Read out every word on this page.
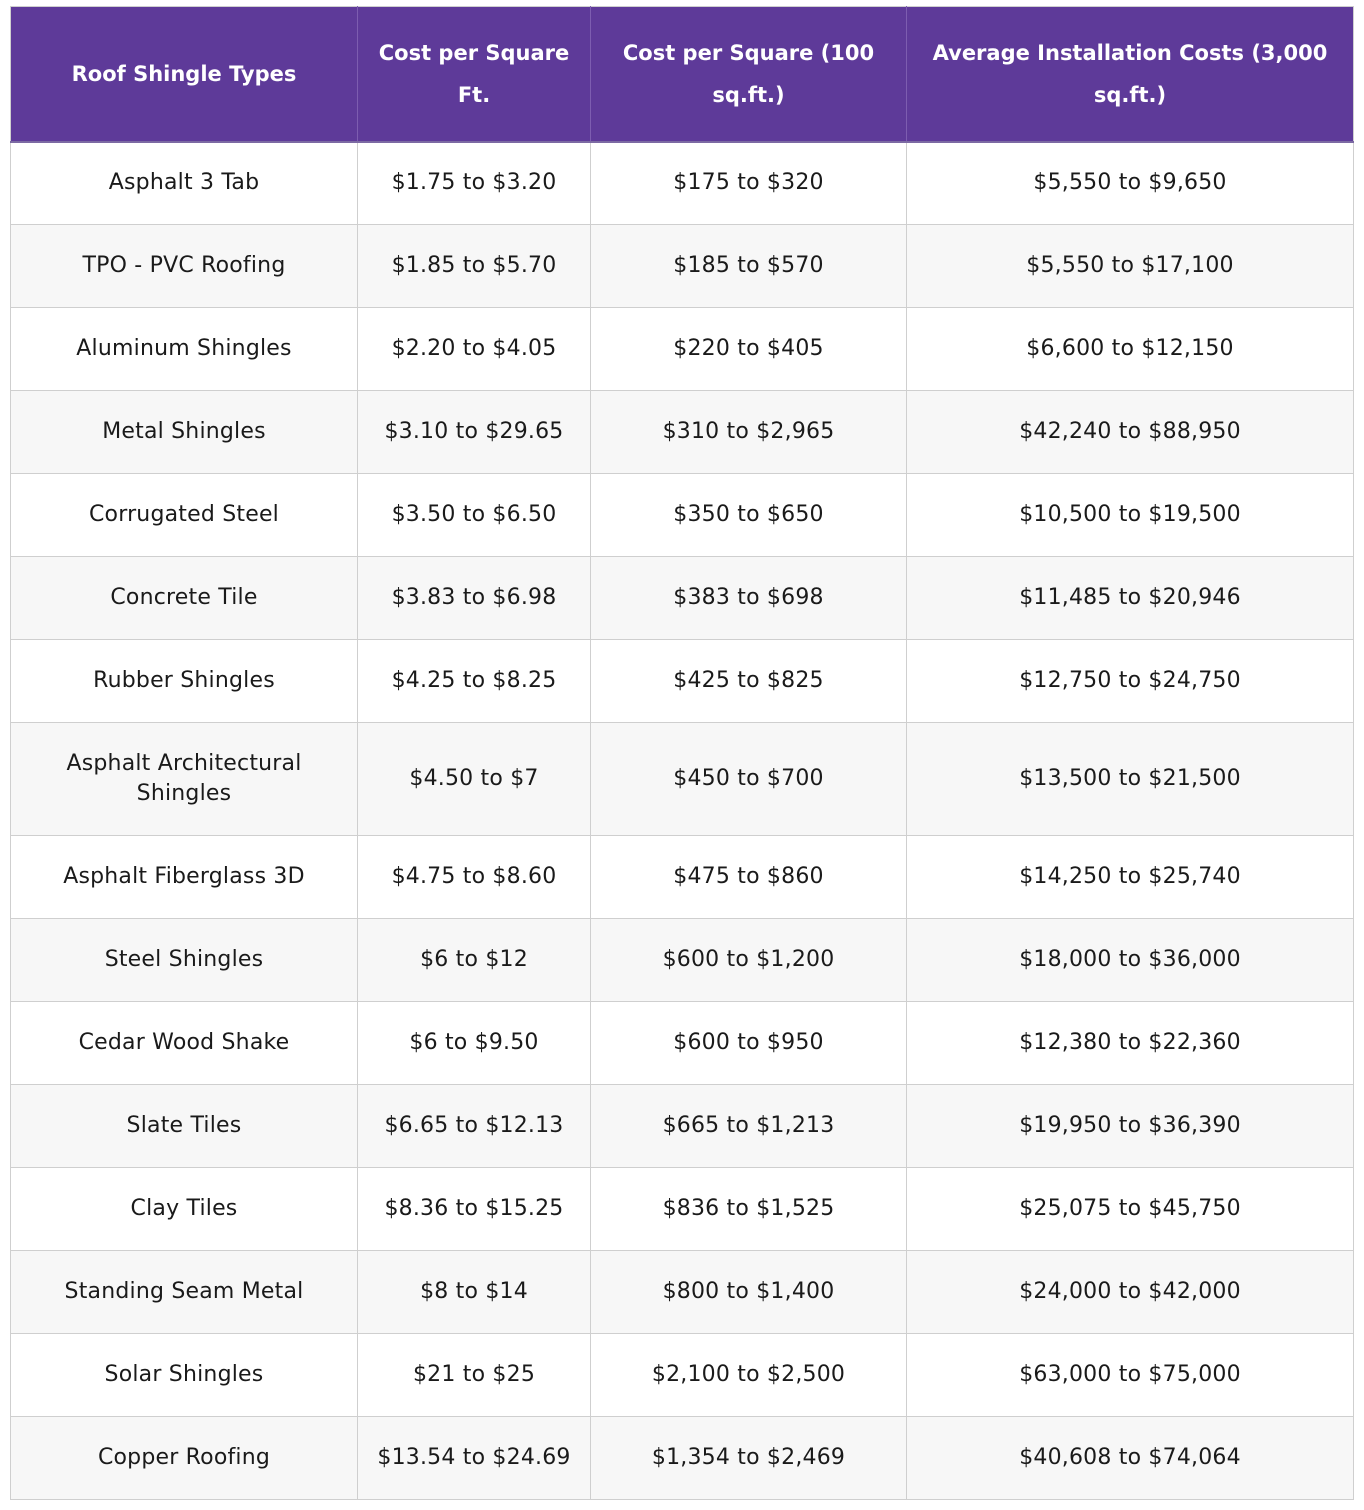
Roof Shingle Types	Cost per Square Ft.	Cost per Square (100 sq.ft.)	Average Installation Costs (3,000 sq.ft.)
Asphalt 3 Tab	$1.75 to $3.20	$175 to $320	$5,550 to $9,650
TPO - PVC Roofing	$1.85 to $5.70	$185 to $570	$5,550 to $17,100
Aluminum Shingles	$2.20 to $4.05	$220 to $405	$6,600 to $12,150
Metal Shingles	$3.10 to $29.65	$310 to $2,965	$42,240 to $88,950
Corrugated Steel	$3.50 to $6.50	$350 to $650	$10,500 to $19,500
Concrete Tile	$3.83 to $6.98	$383 to $698	$11,485 to $20,946
Rubber Shingles	$4.25 to $8.25	$425 to $825	$12,750 to $24,750
Asphalt Architectural Shingles	$4.50 to $7	$450 to $700	$13,500 to $21,500
Asphalt Fiberglass 3D	$4.75 to $8.60	$475 to $860	$14,250 to $25,740
Steel Shingles	$6 to $12	$600 to $1,200	$18,000 to $36,000
Cedar Wood Shake	$6 to $9.50	$600 to $950	$12,380 to $22,360
Slate Tiles	$6.65 to $12.13	$665 to $1,213	$19,950 to $36,390
Clay Tiles	$8.36 to $15.25	$836 to $1,525	$25,075 to $45,750
Standing Seam Metal	$8 to $14	$800 to $1,400	$24,000 to $42,000
Solar Shingles	$21 to $25	$2,100 to $2,500	$63,000 to $75,000
Copper Roofing	$13.54 to $24.69	$1,354 to $2,469	$40,608 to $74,064
